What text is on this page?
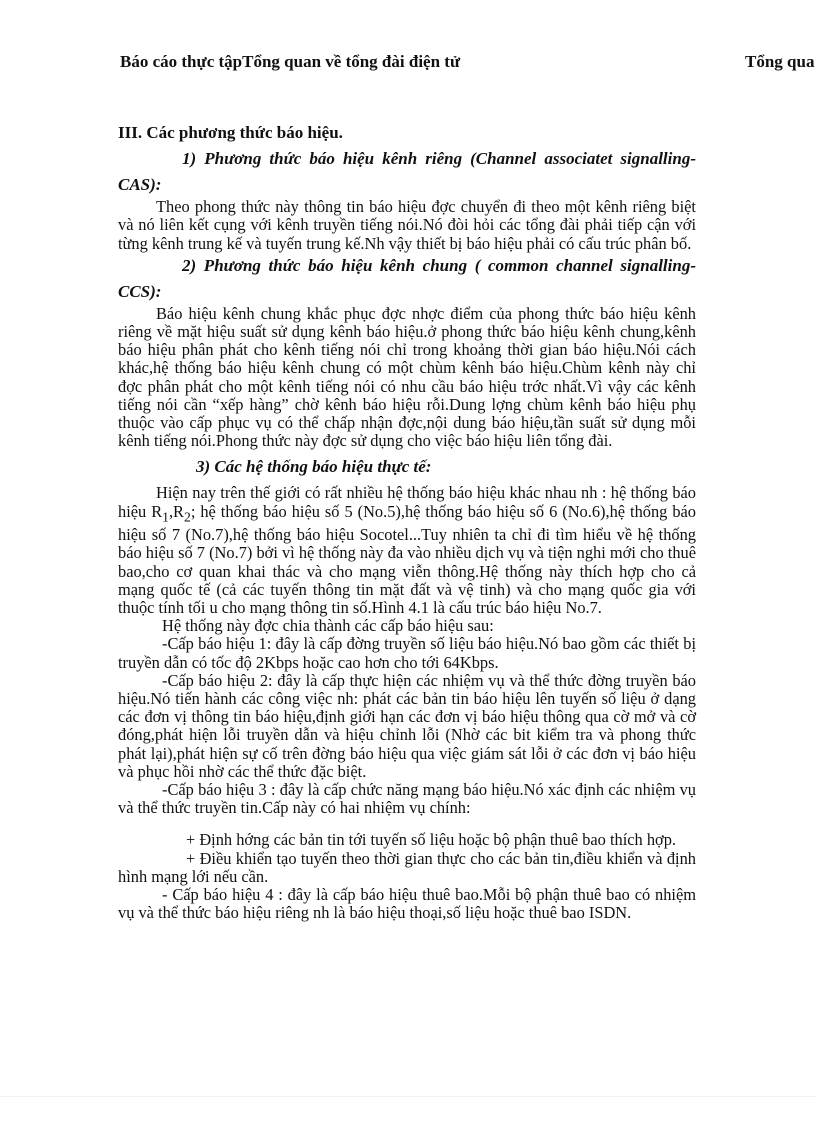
Báo cáo thực tậpTổng quan về tổng đài điện tử	Tổng qua

III. Các phương thức báo hiệu.

1) Phương thức báo hiệu kênh riêng (Channel associatet signalling-CAS):

Theo phong thức này thông tin báo hiệu đợc chuyển đi theo một kênh riêng biệt và nó liên kết cụng với kênh truyền tiếng nói.Nó đòi hỏi các tổng đài phải tiếp cận với từng kênh trung kế và tuyến trung kế.Nh vậy thiết bị báo hiệu phải có cấu trúc phân bố.

2) Phương thức báo hiệu kênh chung ( common channel signalling-CCS):

Báo hiệu kênh chung khắc phục đợc nhợc điểm của phong thức báo hiệu kênh riêng về mặt hiệu suất sử dụng kênh báo hiệu.ở phong thức báo hiệu kênh chung,kênh báo hiệu phân phát cho kênh tiếng nói chỉ trong khoảng thời gian báo hiệu.Nói cách khác,hệ thống báo hiệu kênh chung có một chùm kênh báo hiệu.Chùm kênh này chỉ đợc phân phát cho một kênh tiếng nói có nhu cầu báo hiệu trớc nhất.Vì vậy các kênh tiếng nói cần “xếp hàng” chờ kênh báo hiệu rỗi.Dung lợng chùm kênh báo hiệu phụ thuộc vào cấp phục vụ có thể chấp nhận đợc,nội dung báo hiệu,tần suất sử dụng mỗi kênh tiếng nói.Phong thức này đợc sử dụng cho việc báo hiệu liên tổng đài.

3) Các hệ thống báo hiệu thực tế:

Hiện nay trên thế giới có rất nhiều hệ thống báo hiệu khác nhau nh : hệ thống báo hiệu $R_1,R_2$; hệ thống báo hiệu số 5 (No.5),hệ thống báo hiệu số 6 (No.6),hệ thống báo hiệu số 7 (No.7),hệ thống báo hiệu Socotel...Tuy nhiên ta chỉ đi tìm hiểu về hệ thống báo hiệu số 7 (No.7) bởi vì hệ thống này đa vào nhiều dịch vụ và tiện nghi mới cho thuê bao,cho cơ quan khai thác và cho mạng viễn thông.Hệ thống này thích hợp cho cả mạng quốc tế (cả các tuyến thông tin mặt đất và vệ tinh) và cho mạng quốc gia với thuộc tính tối u cho mạng thông tin số.Hình 4.1 là cấu trúc báo hiệu No.7.

Hệ thống này đợc chia thành các cấp báo hiệu sau:

-Cấp báo hiệu 1: đây là cấp đờng truyền số liệu báo hiệu.Nó bao gồm các thiết bị truyền dẫn có tốc độ 2Kbps hoặc cao hơn cho tới 64Kbps.

-Cấp báo hiệu 2: đây là cấp thực hiện các nhiệm vụ và thể thức đờng truyền báo hiệu.Nó tiến hành các công việc nh: phát các bản tin báo hiệu lên tuyến số liệu ở dạng các đơn vị thông tin báo hiệu,định giới hạn các đơn vị báo hiệu thông qua cờ mở và cờ đóng,phát hiện lỗi truyền dẫn và hiệu chỉnh lỗi (Nhờ các bit kiểm tra và phong thức phát lại),phát hiện sự cố trên đờng báo hiệu qua việc giám sát lỗi ở các đơn vị báo hiệu và phục hồi nhờ các thể thức đặc biệt.

-Cấp báo hiệu 3 : đây là cấp chức năng mạng báo hiệu.Nó xác định các nhiệm vụ và thể thức truyền tin.Cấp này có hai nhiệm vụ chính:

+ Định hớng các bản tin tới tuyến số liệu hoặc bộ phận thuê bao thích hợp.

+ Điều khiển tạo tuyến theo thời gian thực cho các bản tin,điều khiển và định hình mạng lới nếu cần.

- Cấp báo hiệu 4 : đây là cấp báo hiệu thuê bao.Mỗi bộ phận thuê bao có nhiệm vụ và thể thức báo hiệu riêng nh là báo hiệu thoại,số liệu hoặc thuê bao ISDN.
